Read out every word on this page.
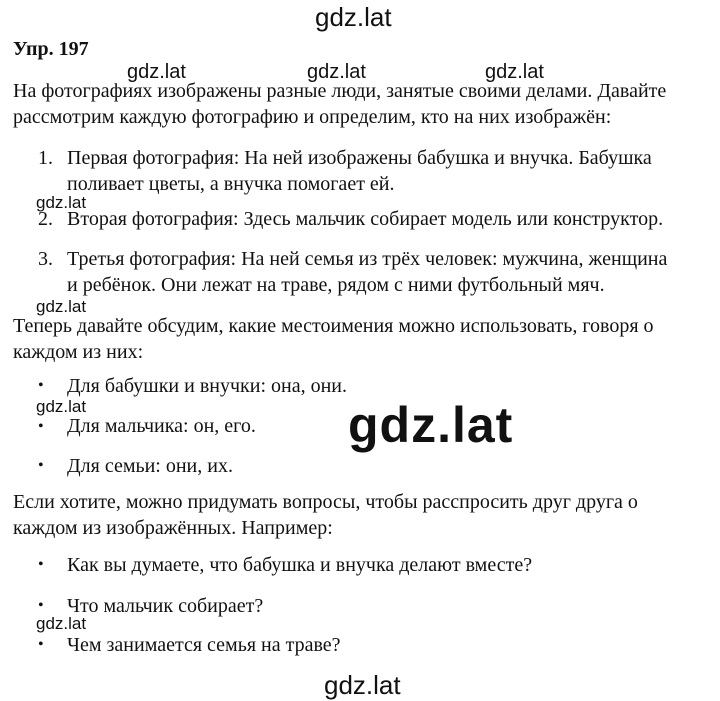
gdz.lat
Упр. 197
gdz.lat	gdz.lat	gdz.lat
На фотографиях изображены разные люди, занятые своими делами. Давайте
рассмотрим каждую фотографию и определим, кто на них изображён:
1. Первая фотография: На ней изображены бабушка и внучка. Бабушка
поливает цветы, а внучка помогает ей.
gdz.lat
2. Вторая фотография: Здесь мальчик собирает модель или конструктор.
3. Третья фотография: На ней семья из трёх человек: мужчина, женщина
и ребёнок. Они лежат на траве, рядом с ними футбольный мяч.
gdz.lat
Теперь давайте обсудим, какие местоимения можно использовать, говоря о
каждом из них:
• Для бабушки и внучки: она, они.
gdz.lat
• Для мальчика: он, его. gdz.lat
• Для семьи: они, их.
Если хотите, можно придумать вопросы, чтобы расспросить друг друга о
каждом из изображённых. Например:
• Как вы думаете, что бабушка и внучка делают вместе?
• Что мальчик собирает?
gdz.lat
• Чем занимается семья на траве?
gdz.lat
